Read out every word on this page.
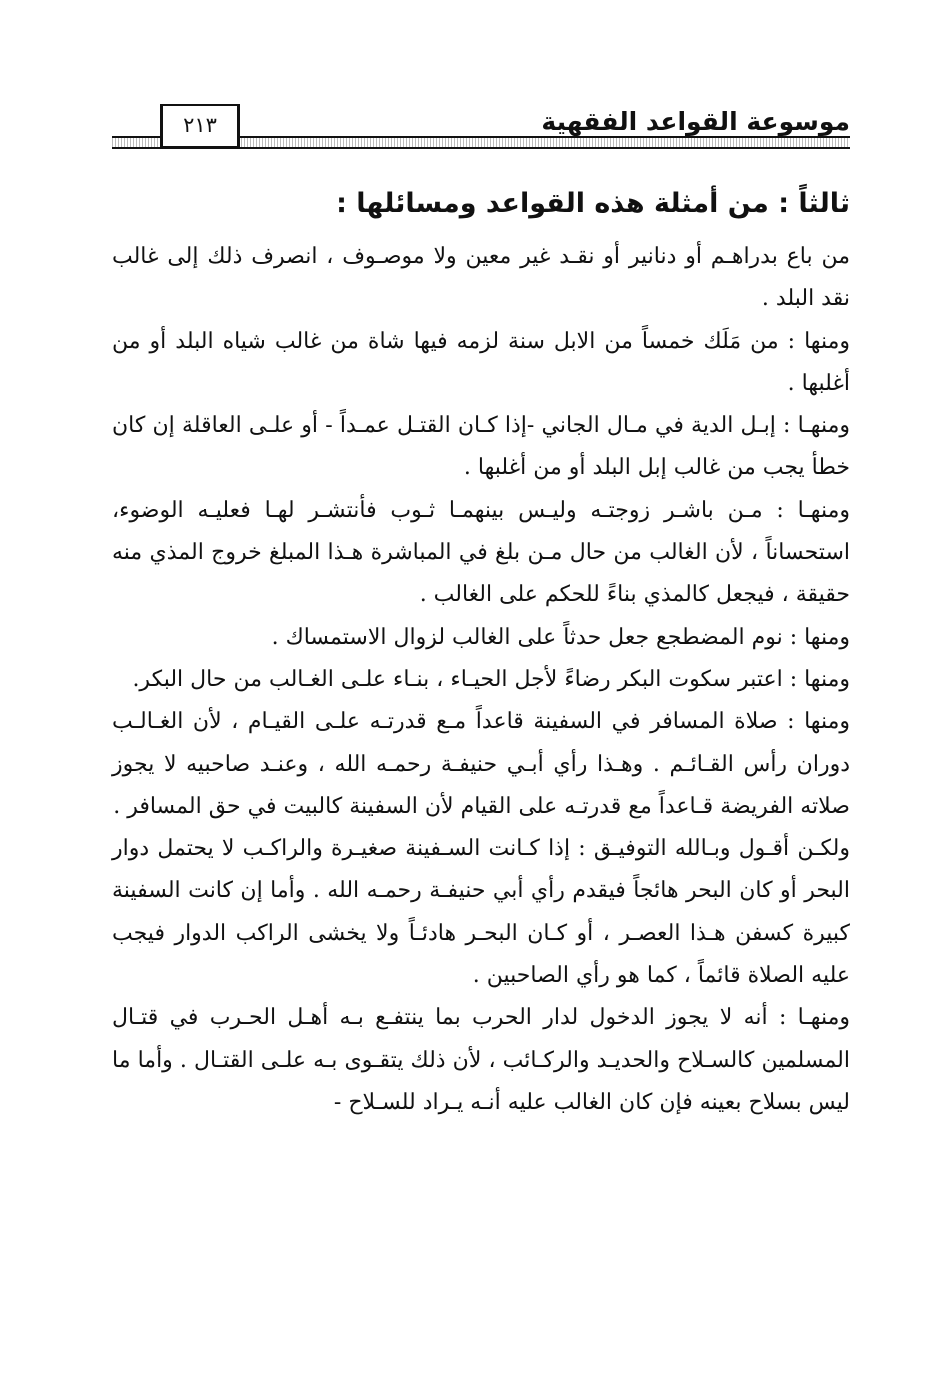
موسوعة القواعد الفقهية
٢١٣
ثالثاً : من أمثلة هذه القواعد ومسائلها :

من باع بدراهـم أو دنانير أو نقـد غير معين ولا موصـوف ، انصرف ذلك إلى غالب نقد البلد .

ومنها : من مَلَك خمساً من الابل سنة لزمه فيها شاة من غالب شياه البلد أو من أغلبها .

ومنهـا : إبـل الدية في مـال الجاني -إذا كـان القتـل عمـداً - أو علـى العاقلة إن كان خطأ يجب من غالب إبل البلد أو من أغلبها .

ومنهـا : مـن باشـر زوجتـه وليـس بينهمـا ثـوب فأنتشـر لهـا فعليـه الوضوء، استحساناً ، لأن الغالب من حال مـن بلغ في المباشرة هـذا المبلغ خروج المذي منه حقيقة ، فيجعل كالمذي بناءً للحكم على الغالب .

ومنها : نوم المضطجع جعل حدثاً على الغالب لزوال الاستمساك .

ومنها : اعتبر سكوت البكر رضاءً لأجل الحيـاء ، بنـاء علـى الغـالب من حال البكر.

ومنها : صلاة المسافر في السفينة قاعداً مـع قدرتـه علـى القيـام ، لأن الغـالـب دوران رأس القـائـم . وهـذا رأي أبـي حنيفـة رحمـه الله ، وعنـد صاحبيه لا يجوز صلاته الفريضة قـاعداً مع قدرتـه على القيام لأن السفينة كالبيت في حق المسافر .

ولكـن أقـول وبـالله التوفيـق : إذا كـانت السـفينة صغيـرة والراكـب لا يحتمل دوار البحر أو كان البحر هائجاً فيقدم رأي أبي حنيفـة رحمـه الله . وأما إن كانت السفينة كبيرة كسفن هـذا العصـر ، أو كـان البحـر هادئـاً ولا يخشى الراكب الدوار فيجب عليه الصلاة قائماً ، كما هو رأي الصاحبين .

ومنهـا : أنه لا يجوز الدخول لدار الحرب بما ينتفـع بـه أهـل الحـرب في قتـال المسلمين كالسـلاح والحديـد والركـائب ، لأن ذلك يتقـوى بـه علـى القتـال . وأما ما ليس بسلاح بعينه فإن كان الغالب عليه أنـه يـراد للسـلاح -
